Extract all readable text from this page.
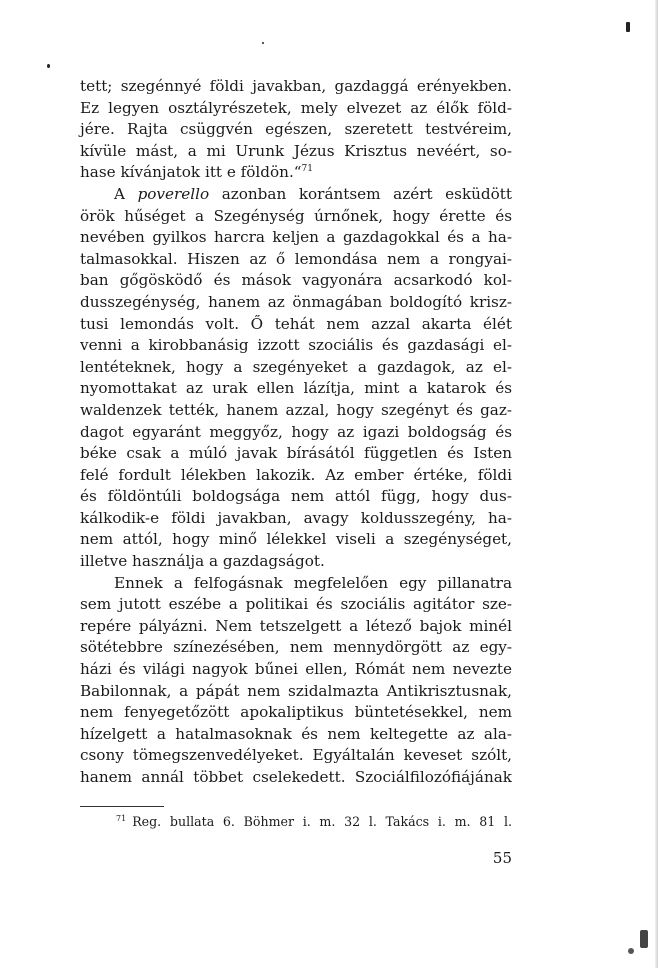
tett; szegénnyé földi javakban, gazdaggá erényekben.
Ez legyen osztályrészetek, mely elvezet az élők föld-
jére. Rajta csüggvén egészen, szeretett testvéreim,
kívüle mást, a mi Urunk Jézus Krisztus nevéért, so-
hase kívánjatok itt e földön.“$^{71}$

A poverello azonban korántsem azért esküdött
örök hűséget a Szegénység úrnőnek, hogy érette és
nevében gyilkos harcra keljen a gazdagokkal és a ha-
talmasokkal. Hiszen az ő lemondása nem a rongyai-
ban gőgösködő és mások vagyonára acsarkodó kol-
dusszegénység, hanem az önmagában boldogító krisz-
tusi lemondás volt. Ő tehát nem azzal akarta élét
venni a kirobbanásig izzott szociális és gazdasági el-
lentéteknek, hogy a szegényeket a gazdagok, az el-
nyomottakat az urak ellen lázítja, mint a katarok és
waldenzek tették, hanem azzal, hogy szegényt és gaz-
dagot egyaránt meggyőz, hogy az igazi boldogság és
béke csak a múló javak bírásától független és Isten
felé fordult lélekben lakozik. Az ember értéke, földi
és földöntúli boldogsága nem attól függ, hogy dus-
kálkodik-e földi javakban, avagy koldusszegény, ha-
nem attól, hogy minő lélekkel viseli a szegénységet,
illetve használja a gazdagságot.

Ennek a felfogásnak megfelelően egy pillanatra
sem jutott eszébe a politikai és szociális agitátor sze-
repére pályázni. Nem tetszelgett a létező bajok minél
sötétebbre színezésében, nem mennydörgött az egy-
házi és világi nagyok bűnei ellen, Rómát nem nevezte
Babilonnak, a pápát nem szidalmazta Antikrisztusnak,
nem fenyegetőzött apokaliptikus büntetésekkel, nem
hízelgett a hatalmasoknak és nem keltegette az ala-
csony tömegszenvedélyeket. Egyáltalán keveset szólt,
hanem annál többet cselekedett. Szociálfilozófiájának

$^{71}$ Reg. bullata 6. Böhmer i. m. 32 l. Takács i. m. 81 l.
55
